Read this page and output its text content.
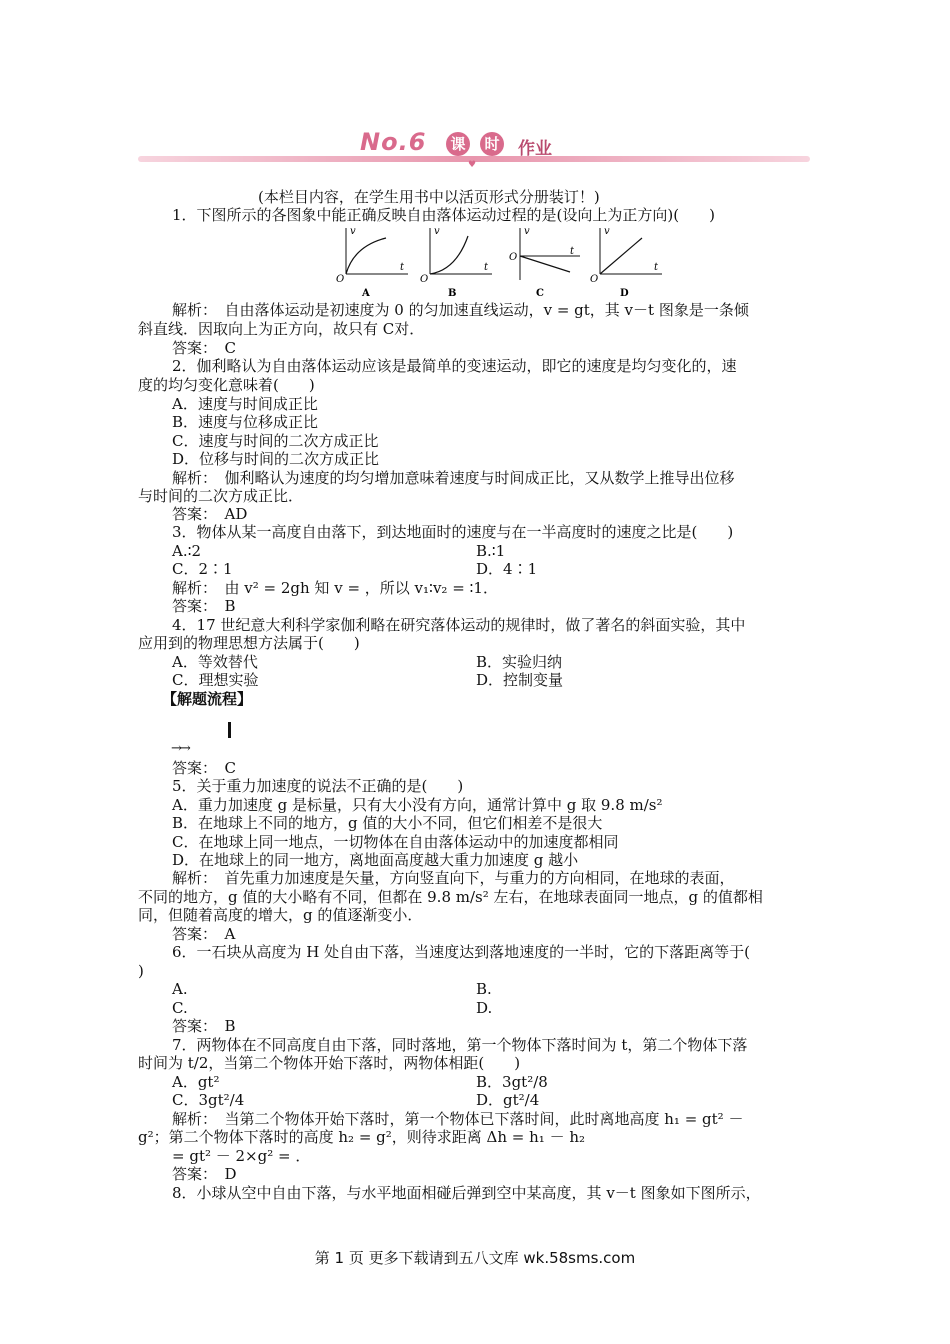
No.6 课	时 作业
♥
(本栏目内容，在学生用书中以活页形式分册装订！)
1．下图所示的各图象中能正确反映自由落体运动过程的是(设向上为正方向)(　　)
v
t
O
A
v
t
O
B
v
t
O
C
v
t
O
D
解析：　自由落体运动是初速度为 0 的匀加速直线运动，v = gt，其 v－t 图象是一条倾
斜直线．因取向上为正方向，故只有 C对．
答案：　C
2．伽利略认为自由落体运动应该是最简单的变速运动，即它的速度是均匀变化的，速
度的均匀变化意味着(　　)
A．速度与时间成正比
B．速度与位移成正比
C．速度与时间的二次方成正比
D．位移与时间的二次方成正比
解析：　伽利略认为速度的均匀增加意味着速度与时间成正比，又从数学上推导出位移
与时间的二次方成正比．
答案：　AD
3．物体从某一高度自由落下，到达地面时的速度与在一半高度时的速度之比是(　　)
A.∶2	B.∶1
C．2∶1	D．4∶1
解析：　由 v² = 2gh 知 v = ，所以 v₁∶v₂ = ∶1．
答案：　B
4．17 世纪意大利科学家伽利略在研究落体运动的规律时，做了著名的斜面实验，其中
应用到的物理思想方法属于(　　)
A．等效替代	B．实验归纳
C．理想实验	D．控制变量
【解题流程】
→→
答案：　C
5．关于重力加速度的说法不正确的是(　　)
A．重力加速度 g 是标量，只有大小没有方向，通常计算中 g 取 9.8 m/s²
B．在地球上不同的地方，g 值的大小不同，但它们相差不是很大
C．在地球上同一地点，一切物体在自由落体运动中的加速度都相同
D．在地球上的同一地方，离地面高度越大重力加速度 g 越小
解析：　首先重力加速度是矢量，方向竖直向下，与重力的方向相同，在地球的表面，
不同的地方，g 值的大小略有不同，但都在 9.8 m/s² 左右，在地球表面同一地点，g 的值都相
同，但随着高度的增大，g 的值逐渐变小．
答案：　A
6．一石块从高度为 H 处自由下落，当速度达到落地速度的一半时，它的下落距离等于(
)
A.	B.
C.	D.
答案：　B
7．两物体在不同高度自由下落，同时落地，第一个物体下落时间为 t，第二个物体下落
时间为 t/2，当第二个物体开始下落时，两物体相距(　　)
A．gt²	B．3gt²/8
C．3gt²/4	D．gt²/4
解析：　当第二个物体开始下落时，第一个物体已下落时间，此时离地高度 h₁ = gt² －
g²；第二个物体下落时的高度 h₂ = g²，则待求距离 Δh = h₁ － h₂
= gt² － 2×g² = ．
答案：　D
8．小球从空中自由下落，与水平地面相碰后弹到空中某高度，其 v－t 图象如下图所示，
第 1 页 更多下载请到五八文库 wk.58sms.com
